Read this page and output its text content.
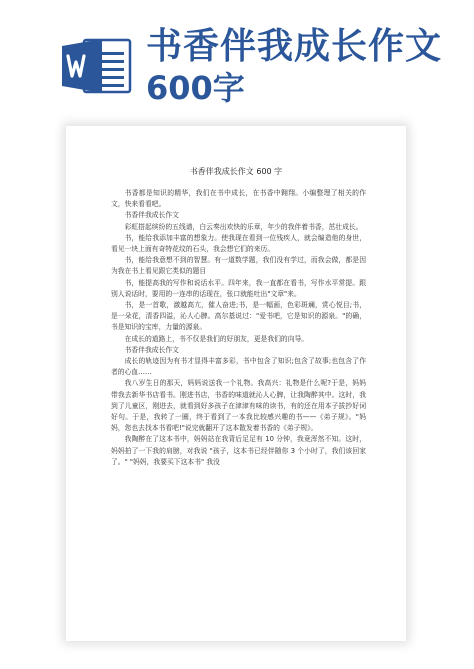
书香伴我成长作文
600字
书香伴我成长作文 600 字

书香都是知识的精华，我们在书中成长，在书香中翱翔。小编整理了相关的作文，快来看看吧。

书香伴我成长作文

彩虹搭起缤纷的五线谱，白云奏出欢快的乐章，年少的我伴着书香，茁壮成长。

书，能给我添加丰富的想象力。使我现在看到一位残疾人，就会编造他的身世，看见一块上面有奇特花纹的石头，我会想它们的来历。

书，能给我意想不到的智慧。有一道数学题，我们没有学过，而我会做，都是因为我在书上看见跟它类似的题目

书，能提高我的写作和说话水平。四年来，我一直都在看书，写作水平常提。跟别人说话时，要用的一连串的话现在，张口就能吐出"文章"来。

书，是一首歌，激越高亢，催人奋进;书，是一幅画，色彩斑斓，赏心悦目;书，是一朵花，清香四溢，沁人心脾。高尔基说过："爱书吧，它是知识的源泉。"的确，书是知识的宝库，力量的源泉。

在成长的道路上，书不仅是我们的好朋友，更是我们的向导。

书香伴我成长作文

成长的轨迹因为有书才显得丰富多彩，书中包含了知识;包含了故事;也包含了作者的心血……

我八岁生日的那天，妈妈说送我一个礼物。我高兴：礼物是什么呢?于是，妈妈带我去新华书店看书。刚进书店，书香的味道就沁人心脾，让我陶醉其中。这时，我到了儿童区，刚进去，就看到好多孩子在津津有味的读书，有的还在用本子拔抄好词好句。于是，我转了一圈，终于看到了一本我比较感兴趣的书——《弟子规》。"妈妈，您也去找本书看吧!"说完就翻开了这本散发着书香的《弟子规》。

我陶醉在了这本书中，妈妈站在我背后足足有 10 分钟，我竟浑然不知。这时，妈妈拍了一下我的肩膀，对我说 "孩子，这本书已经伴随你 3 个小时了，我们该回家了。" "妈妈，我要买下这本书" 我没
